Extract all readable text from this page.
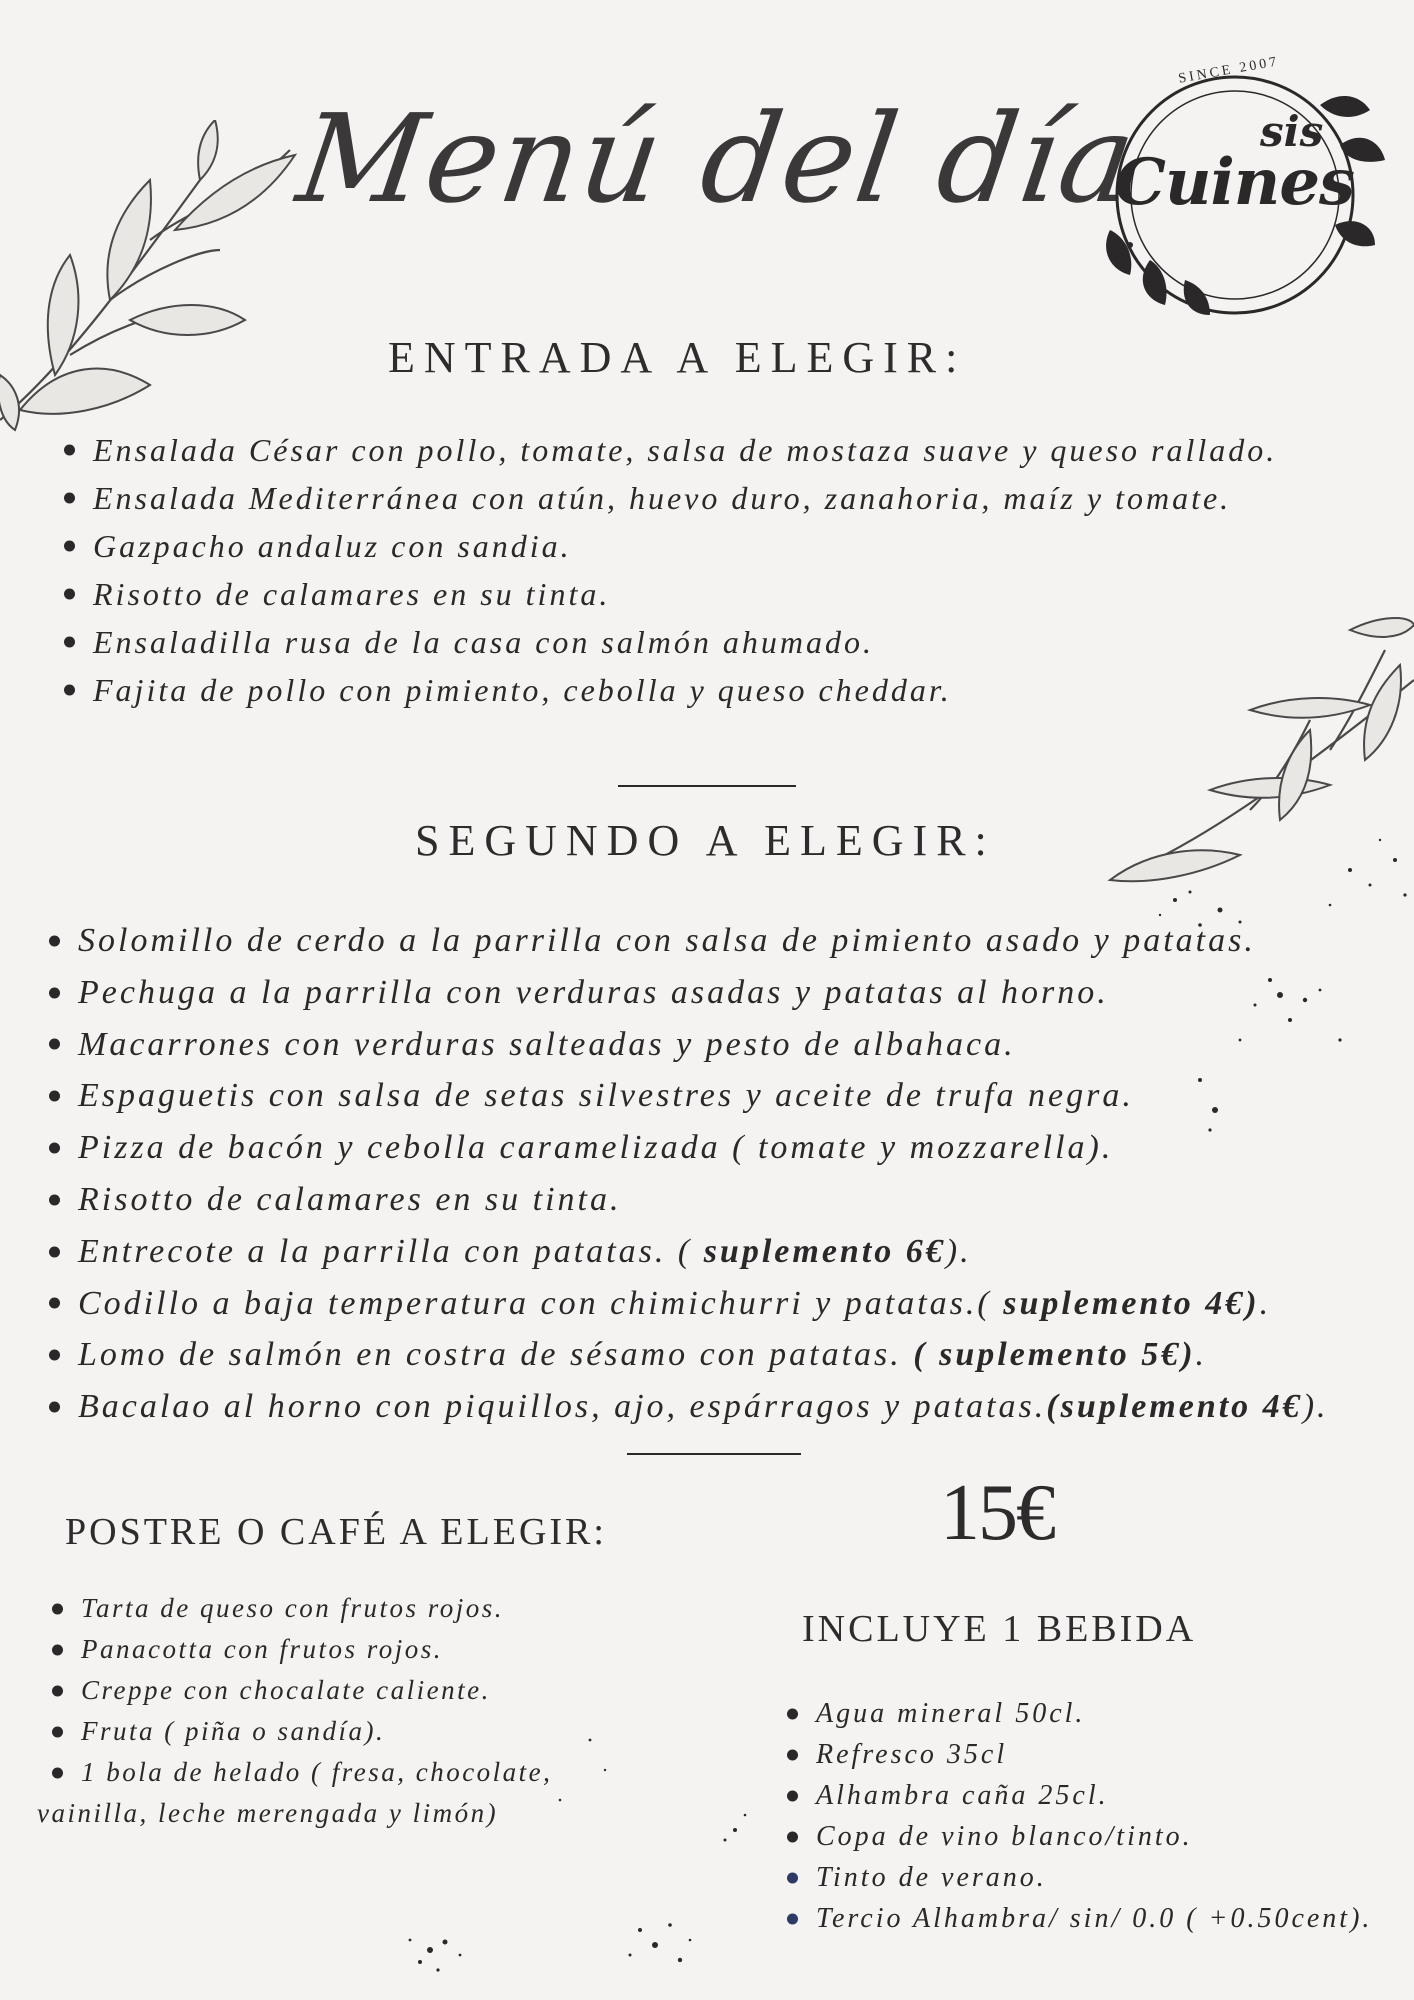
Menú del día
SINCE 2007
sis
Cuines
ENTRADA A ELEGIR:
Ensalada César con pollo, tomate, salsa de mostaza suave y queso rallado.
Ensalada Mediterránea con atún, huevo duro, zanahoria, maíz y tomate.
Gazpacho andaluz con sandia.
Risotto de calamares en su tinta.
Ensaladilla rusa de la casa con salmón ahumado.
Fajita de pollo con pimiento, cebolla y queso cheddar.
SEGUNDO A ELEGIR:
Solomillo de cerdo a la parrilla con salsa de pimiento asado y patatas.
Pechuga a la parrilla con verduras asadas y patatas al horno.
Macarrones con verduras salteadas y pesto de albahaca.
Espaguetis con salsa de setas silvestres y aceite de trufa negra.
Pizza de bacón y cebolla caramelizada ( tomate y mozzarella).
Risotto de calamares en su tinta.
Entrecote a la parrilla con patatas. ( suplemento 6€).
Codillo a baja temperatura con chimichurri y patatas.( suplemento 4€).
Lomo de salmón en costra de sésamo con patatas. ( suplemento 5€).
Bacalao al horno con piquillos, ajo, espárragos y patatas.(suplemento 4€).
POSTRE O CAFÉ A ELEGIR:
Tarta de queso con frutos rojos.
Panacotta con frutos rojos.
Creppe con chocalate caliente.
Fruta ( piña o sandía).
1 bola de helado ( fresa, chocolate,
vainilla, leche merengada y limón)
15€
INCLUYE 1 BEBIDA
Agua mineral 50cl.
Refresco 35cl
Alhambra caña 25cl.
Copa de vino blanco/tinto.
Tinto de verano.
Tercio Alhambra/ sin/ 0.0 ( +0.50cent).
